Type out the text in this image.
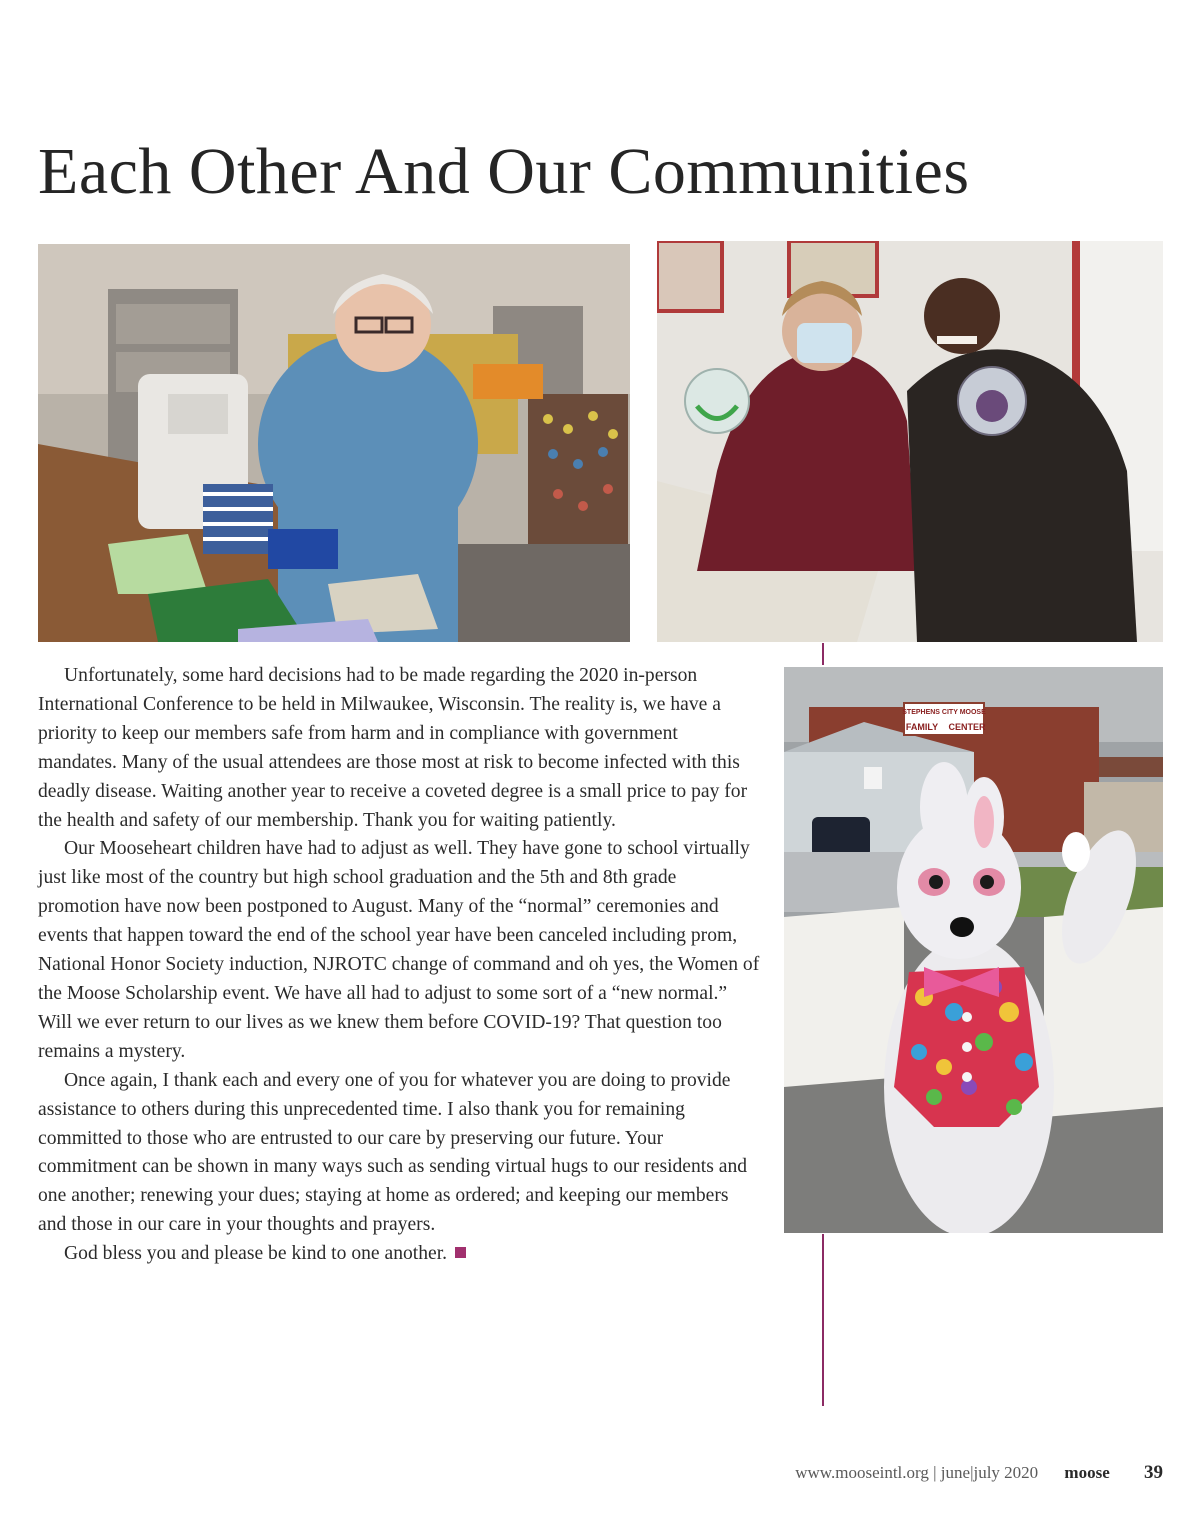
Each Other And Our Communities
STEPHENS CITY MOOSE
FAMILY CENTER

Unfortunately, some hard decisions had to be made regarding the 2020 in-person International Conference to be held in Milwaukee, Wisconsin. The reality is, we have a priority to keep our members safe from harm and in compliance with government mandates. Many of the usual attendees are those most at risk to become infected with this deadly disease. Waiting another year to receive a coveted degree is a small price to pay for the health and safety of our membership. Thank you for waiting patiently.

Our Mooseheart children have had to adjust as well. They have gone to school virtually just like most of the country but high school graduation and the 5th and 8th grade promotion have now been postponed to August. Many of the “normal” ceremonies and events that happen toward the end of the school year have been canceled including prom, National Honor Society induction, NJROTC change of command and oh yes, the Women of the Moose Scholarship event. We have all had to adjust to some sort of a “new normal.” Will we ever return to our lives as we knew them before COVID-19? That question too remains a mystery.

Once again, I thank each and every one of you for whatever you are doing to provide assistance to others during this unprecedented time. I also thank you for remaining committed to those who are entrusted to our care by preserving our future. Your commitment can be shown in many ways such as sending virtual hugs to our residents and one another; renewing your dues; staying at home as ordered; and keeping our members and those in our care in your thoughts and prayers.

God bless you and please be kind to one another.

www.mooseintl.org | june|july 2020 moose 39
